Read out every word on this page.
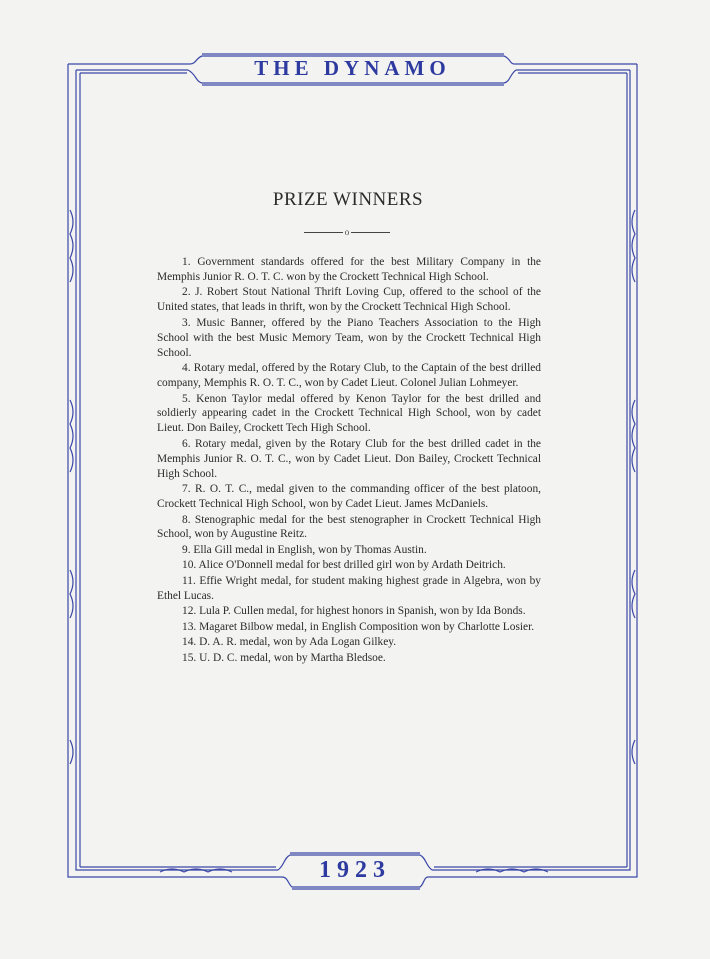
THE DYNAMO
PRIZE WINNERS
o
1. Government standards offered for the best Military Company in the Memphis Junior R. O. T. C. won by the Crockett Technical High School.
2. J. Robert Stout National Thrift Loving Cup, offered to the school of the United states, that leads in thrift, won by the Crockett Technical High School.
3. Music Banner, offered by the Piano Teachers Association to the High School with the best Music Memory Team, won by the Crockett Technical High School.
4. Rotary medal, offered by the Rotary Club, to the Captain of the best drilled company, Memphis R. O. T. C., won by Cadet Lieut. Colonel Julian Lohmeyer.
5. Kenon Taylor medal offered by Kenon Taylor for the best drilled and soldierly appearing cadet in the Crockett Technical High School, won by cadet Lieut. Don Bailey, Crockett Tech High School.
6. Rotary medal, given by the Rotary Club for the best drilled cadet in the Memphis Junior R. O. T. C., won by Cadet Lieut. Don Bailey, Crockett Technical High School.
7. R. O. T. C., medal given to the commanding officer of the best platoon, Crockett Technical High School, won by Cadet Lieut. James McDaniels.
8. Stenographic medal for the best stenographer in Crockett Technical High School, won by Augustine Reitz.
9. Ella Gill medal in English, won by Thomas Austin.
10. Alice O'Donnell medal for best drilled girl won by Ardath Deitrich.
11. Effie Wright medal, for student making highest grade in Algebra, won by Ethel Lucas.
12. Lula P. Cullen medal, for highest honors in Spanish, won by Ida Bonds.
13. Magaret Bilbow medal, in English Composition won by Charlotte Losier.
14. D. A. R. medal, won by Ada Logan Gilkey.
15. U. D. C. medal, won by Martha Bledsoe.
1923
